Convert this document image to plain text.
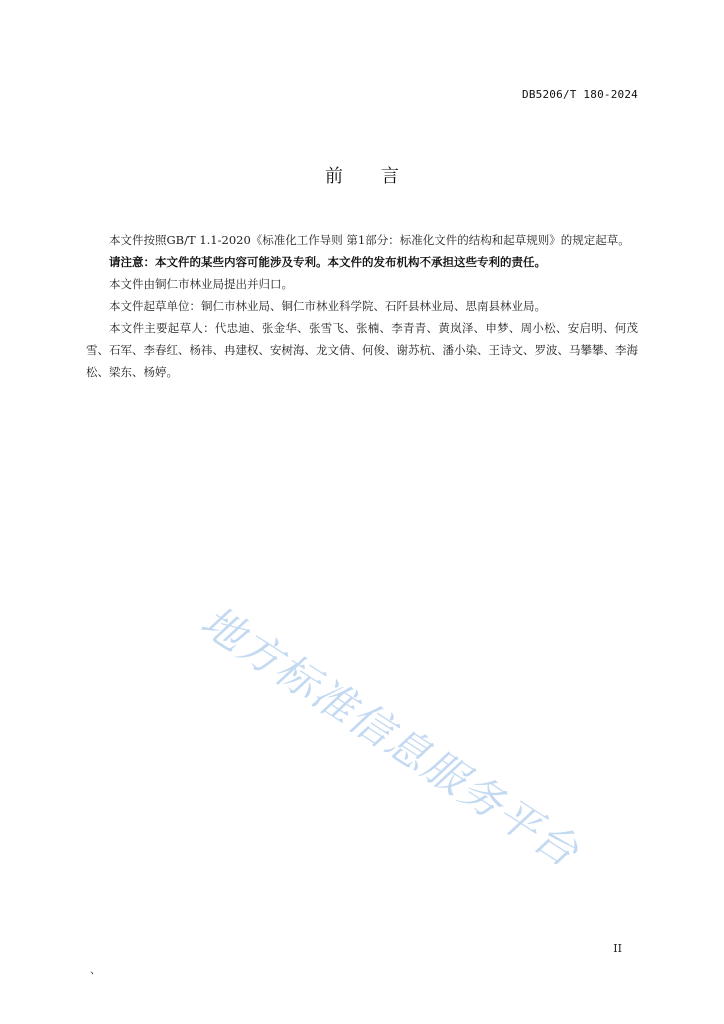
DB5206/T 180-2024
前言

本文件按照GB/T 1.1-2020《标准化工作导则 第1部分：标准化文件的结构和起草规则》的规定起草。

请注意：本文件的某些内容可能涉及专利。本文件的发布机构不承担这些专利的责任。

本文件由铜仁市林业局提出并归口。

本文件起草单位：铜仁市林业局、铜仁市林业科学院、石阡县林业局、思南县林业局。

本文件主要起草人：代忠迪、张金华、张雪飞、张楠、李青青、黄岚泽、申梦、周小松、安启明、何茂雪、石军、李春红、杨祎、冉建权、安树海、龙文倩、何俊、谢苏杭、潘小染、王诗文、罗波、马攀攀、李海松、梁东、杨婷。

地方标准信息服务平台
II
、
